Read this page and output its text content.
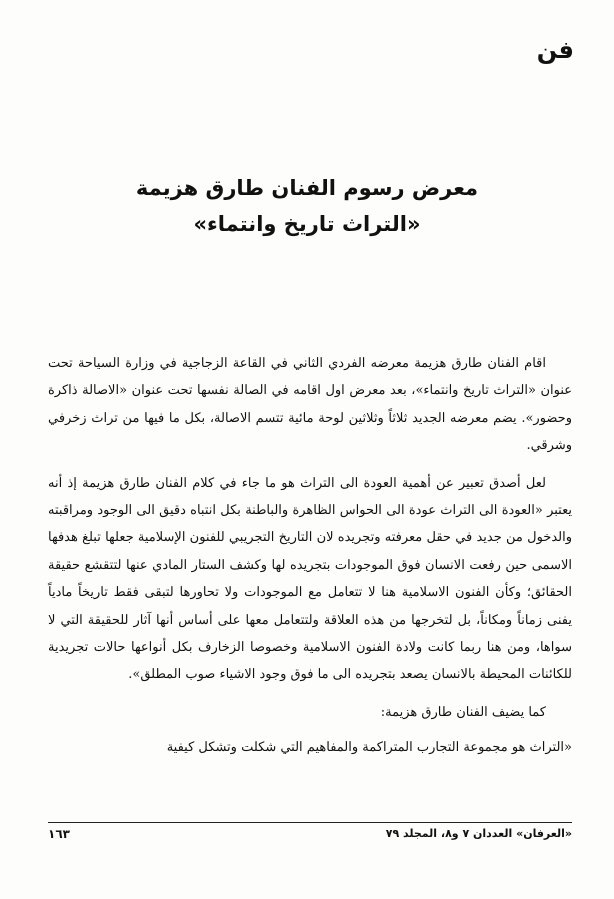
فن
معرض رسوم الفنان طارق هزيمة
«التراث تاريخ وانتماء»

اقام الفنان طارق هزيمة معرضه الفردي الثاني في القاعة الزجاجية في وزارة السياحة تحت عنوان «التراث تاريخ وانتماء»، بعد معرض اول اقامه في الصالة نفسها تحت عنوان «الاصالة ذاكرة وحضور». يضم معرضه الجديد ثلاثاً وثلاثين لوحة مائية تتسم الاصالة، بكل ما فيها من تراث زخرفي وشرقي.

لعل أصدق تعبير عن أهمية العودة الى التراث هو ما جاء في كلام الفنان طارق هزيمة إذ أنه يعتبر «العودة الى التراث عودة الى الحواس الظاهرة والباطنة بكل انتباه دقيق الى الوجود ومراقبته والدخول من جديد في حقل معرفته وتجريده لان التاريخ التجريبي للفنون الإسلامية جعلها تبلغ هدفها الاسمى حين رفعت الانسان فوق الموجودات بتجريده لها وكشف الستار المادي عنها لتتقشع حقيقة الحقائق؛ وكأن الفنون الاسلامية هنا لا تتعامل مع الموجودات ولا تحاورها لتبقى فقط تاريخاً مادياً يفنى زماناً ومكاناً، بل لتخرجها من هذه العلاقة ولتتعامل معها على أساس أنها آثار للحقيقة التي لا سواها، ومن هنا ربما كانت ولادة الفنون الاسلامية وخصوصا الزخارف بكل أنواعها حالات تجريدية للكائنات المحيطة بالانسان يصعد بتجريده الى ما فوق وجود الاشياء صوب المطلق».

كما يضيف الفنان طارق هزيمة:

«التراث هو مجموعة التجارب المتراكمة والمفاهيم التي شكلت وتشكل كيفية

«العرفان» العددان ٧ و٨، المجلد ٧٩
١٦٣
